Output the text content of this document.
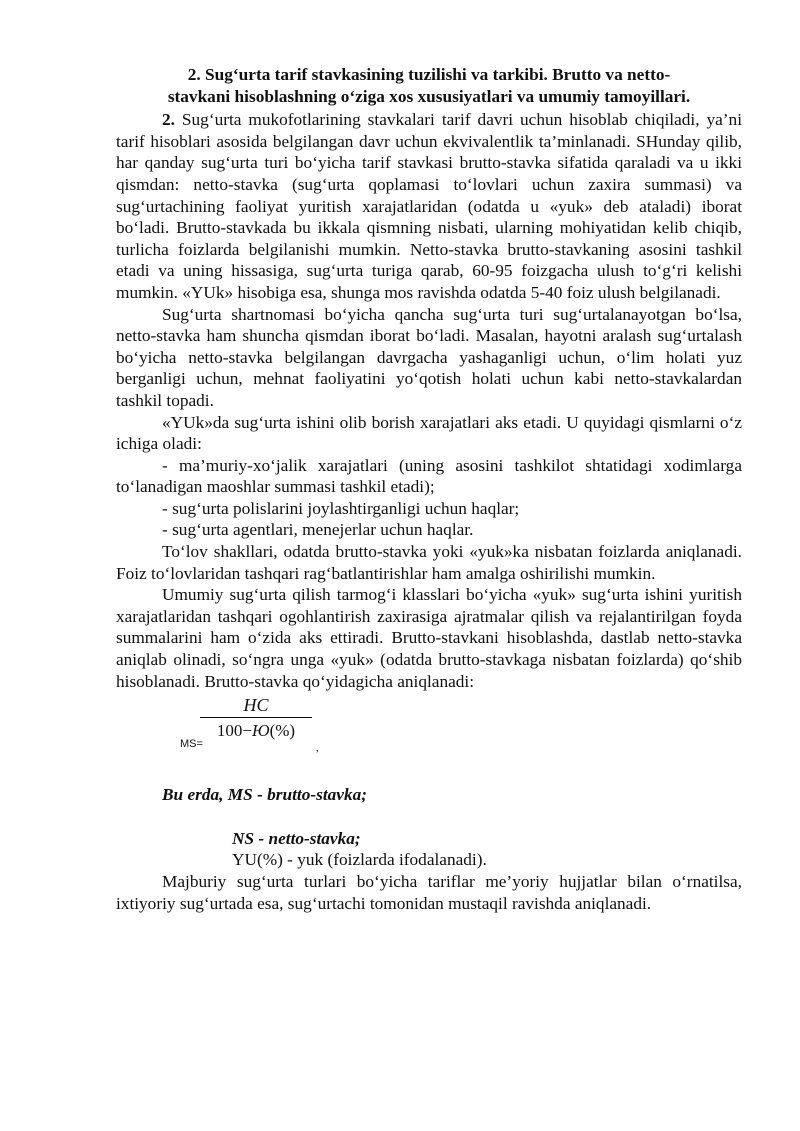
2. Sugʻurta tarif stavkasining tuzilishi va tarkibi. Brutto va netto-
stavkani hisoblashning oʻziga xos xususiyatlari va umumiy tamoyillari.

2. Sugʻurta mukofotlarining stavkalari tarif davri uchun hisoblab chiqiladi, ya’ni tarif hisoblari asosida belgilangan davr uchun ekvivalentlik ta’minlanadi. SHunday qilib, har qanday sugʻurta turi boʻyicha tarif stavkasi brutto-stavka sifatida qaraladi va u ikki qismdan: netto-stavka (sugʻurta qoplamasi toʻlovlari uchun zaxira summasi) va sugʻurtachining faoliyat yuritish xarajatlaridan (odatda u «yuk» deb ataladi) iborat boʻladi. Brutto-stavkada bu ikkala qismning nisbati, ularning mohiyatidan kelib chiqib, turlicha foizlarda belgilanishi mumkin. Netto-stavka brutto-stavkaning asosini tashkil etadi va uning hissasiga, sugʻurta turiga qarab, 60-95 foizgacha ulush toʻgʻri kelishi mumkin. «YUk» hisobiga esa, shunga mos ravishda odatda 5-40 foiz ulush belgilanadi.

Sugʻurta shartnomasi boʻyicha qancha sugʻurta turi sugʻurtalanayotgan boʻlsa, netto-stavka ham shuncha qismdan iborat boʻladi. Masalan, hayotni aralash sugʻurtalash boʻyicha netto-stavka belgilangan davrgacha yashaganligi uchun, oʻlim holati yuz berganligi uchun, mehnat faoliyatini yoʻqotish holati uchun kabi netto-stavkalardan tashkil topadi.

«YUk»da sugʻurta ishini olib borish xarajatlari aks etadi. U quyidagi qismlarni oʻz ichiga oladi:

- ma’muriy-xoʻjalik xarajatlari (uning asosini tashkilot shtatidagi xodimlarga toʻlanadigan maoshlar summasi tashkil etadi);

- sugʻurta polislarini joylashtirganligi uchun haqlar;

- sugʻurta agentlari, menejerlar uchun haqlar.

Toʻlov shakllari, odatda brutto-stavka yoki «yuk»ka nisbatan foizlarda aniqlanadi. Foiz toʻlovlaridan tashqari ragʻbatlantirishlar ham amalga oshirilishi mumkin.

Umumiy sugʻurta qilish tarmogʻi klasslari boʻyicha «yuk» sugʻurta ishini yuritish xarajatlaridan tashqari ogohlantirish zaxirasiga ajratmalar qilish va rejalantirilgan foyda summalarini ham oʻzida aks ettiradi. Brutto-stavkani hisoblashda, dastlab netto-stavka aniqlab olinadi, soʻngra unga «yuk» (odatda brutto-stavkaga nisbatan foizlarda) qoʻshib hisoblanadi. Brutto-stavka qoʻyidagicha aniqlanadi:

MS=
HC
100−Ю(%)
,

Bu erda, MS - brutto-stavka;

NS - netto-stavka;

YU(%) - yuk (foizlarda ifodalanadi).

Majburiy sugʻurta turlari boʻyicha tariflar me’yoriy hujjatlar bilan oʻrnatilsa, ixtiyoriy sugʻurtada esa, sugʻurtachi tomonidan mustaqil ravishda aniqlanadi.
